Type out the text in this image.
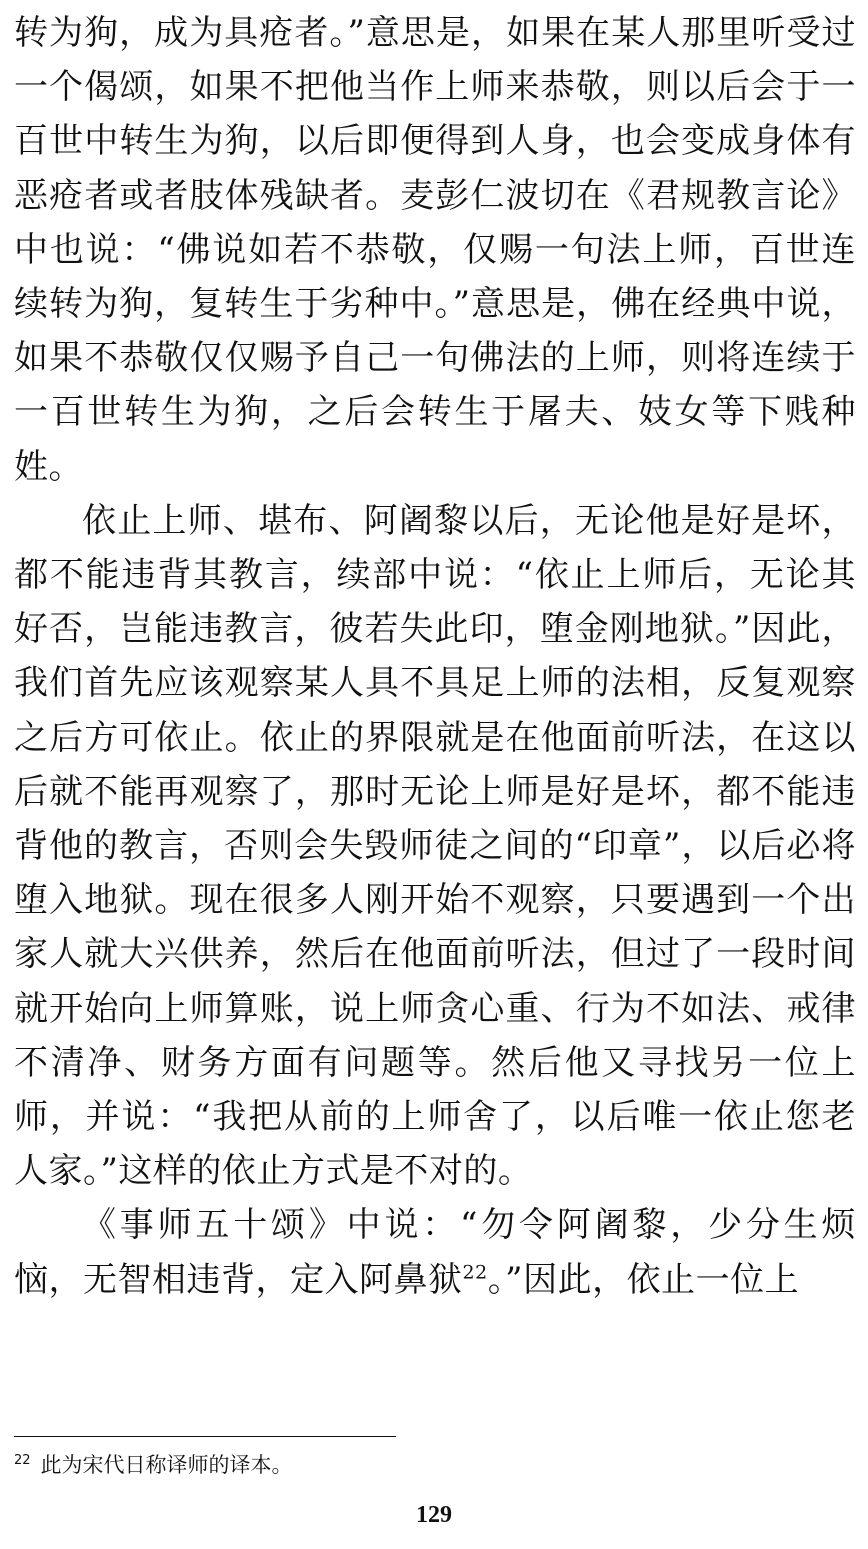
转为狗，成为具疮者。”意思是，如果在某人那里听受过一个偈颂，如果不把他当作上师来恭敬，则以后会于一百世中转生为狗，以后即便得到人身，也会变成身体有恶疮者或者肢体残缺者。麦彭仁波切在《君规教言论》中也说：“佛说如若不恭敬，仅赐一句法上师，百世连续转为狗，复转生于劣种中。”意思是，佛在经典中说，如果不恭敬仅仅赐予自己一句佛法的上师，则将连续于一百世转生为狗，之后会转生于屠夫、妓女等下贱种姓。

依止上师、堪布、阿阇黎以后，无论他是好是坏，都不能违背其教言，续部中说：“依止上师后，无论其好否，岂能违教言，彼若失此印，堕金刚地狱。”因此，我们首先应该观察某人具不具足上师的法相，反复观察之后方可依止。依止的界限就是在他面前听法，在这以后就不能再观察了，那时无论上师是好是坏，都不能违背他的教言，否则会失毁师徒之间的“印章”，以后必将堕入地狱。现在很多人刚开始不观察，只要遇到一个出家人就大兴供养，然后在他面前听法，但过了一段时间就开始向上师算账，说上师贪心重、行为不如法、戒律不清净、财务方面有问题等。然后他又寻找另一位上师，并说：“我把从前的上师舍了，以后唯一依止您老人家。”这样的依止方式是不对的。

《事师五十颂》中说：“勿令阿阇黎，少分生烦恼，无智相违背，定入阿鼻狱$^{22}$。”因此，依止一位上

$^{22}$ 此为宋代日称译师的译本。
129
